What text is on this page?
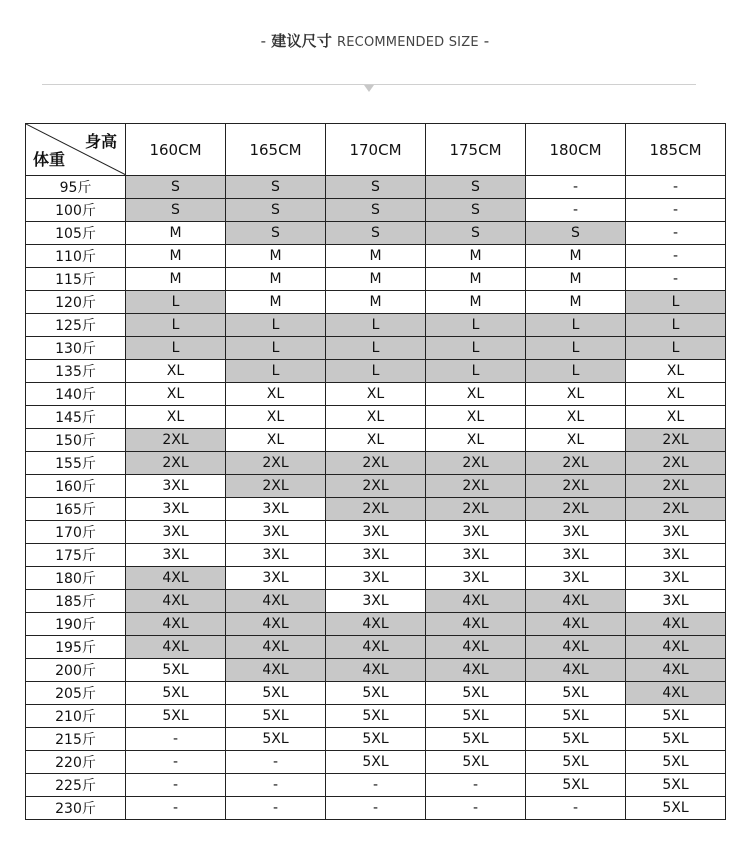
- 建议尺寸 RECOMMENDED SIZE -
身高
体重	160CM	165CM	170CM	175CM	180CM	185CM
95斤	S	S	S	S	-	-
100斤	S	S	S	S	-	-
105斤	M	S	S	S	S	-
110斤	M	M	M	M	M	-
115斤	M	M	M	M	M	-
120斤	L	M	M	M	M	L
125斤	L	L	L	L	L	L
130斤	L	L	L	L	L	L
135斤	XL	L	L	L	L	XL
140斤	XL	XL	XL	XL	XL	XL
145斤	XL	XL	XL	XL	XL	XL
150斤	2XL	XL	XL	XL	XL	2XL
155斤	2XL	2XL	2XL	2XL	2XL	2XL
160斤	3XL	2XL	2XL	2XL	2XL	2XL
165斤	3XL	3XL	2XL	2XL	2XL	2XL
170斤	3XL	3XL	3XL	3XL	3XL	3XL
175斤	3XL	3XL	3XL	3XL	3XL	3XL
180斤	4XL	3XL	3XL	3XL	3XL	3XL
185斤	4XL	4XL	3XL	4XL	4XL	3XL
190斤	4XL	4XL	4XL	4XL	4XL	4XL
195斤	4XL	4XL	4XL	4XL	4XL	4XL
200斤	5XL	4XL	4XL	4XL	4XL	4XL
205斤	5XL	5XL	5XL	5XL	5XL	4XL
210斤	5XL	5XL	5XL	5XL	5XL	5XL
215斤	-	5XL	5XL	5XL	5XL	5XL
220斤	-	-	5XL	5XL	5XL	5XL
225斤	-	-	-	-	5XL	5XL
230斤	-	-	-	-	-	5XL
